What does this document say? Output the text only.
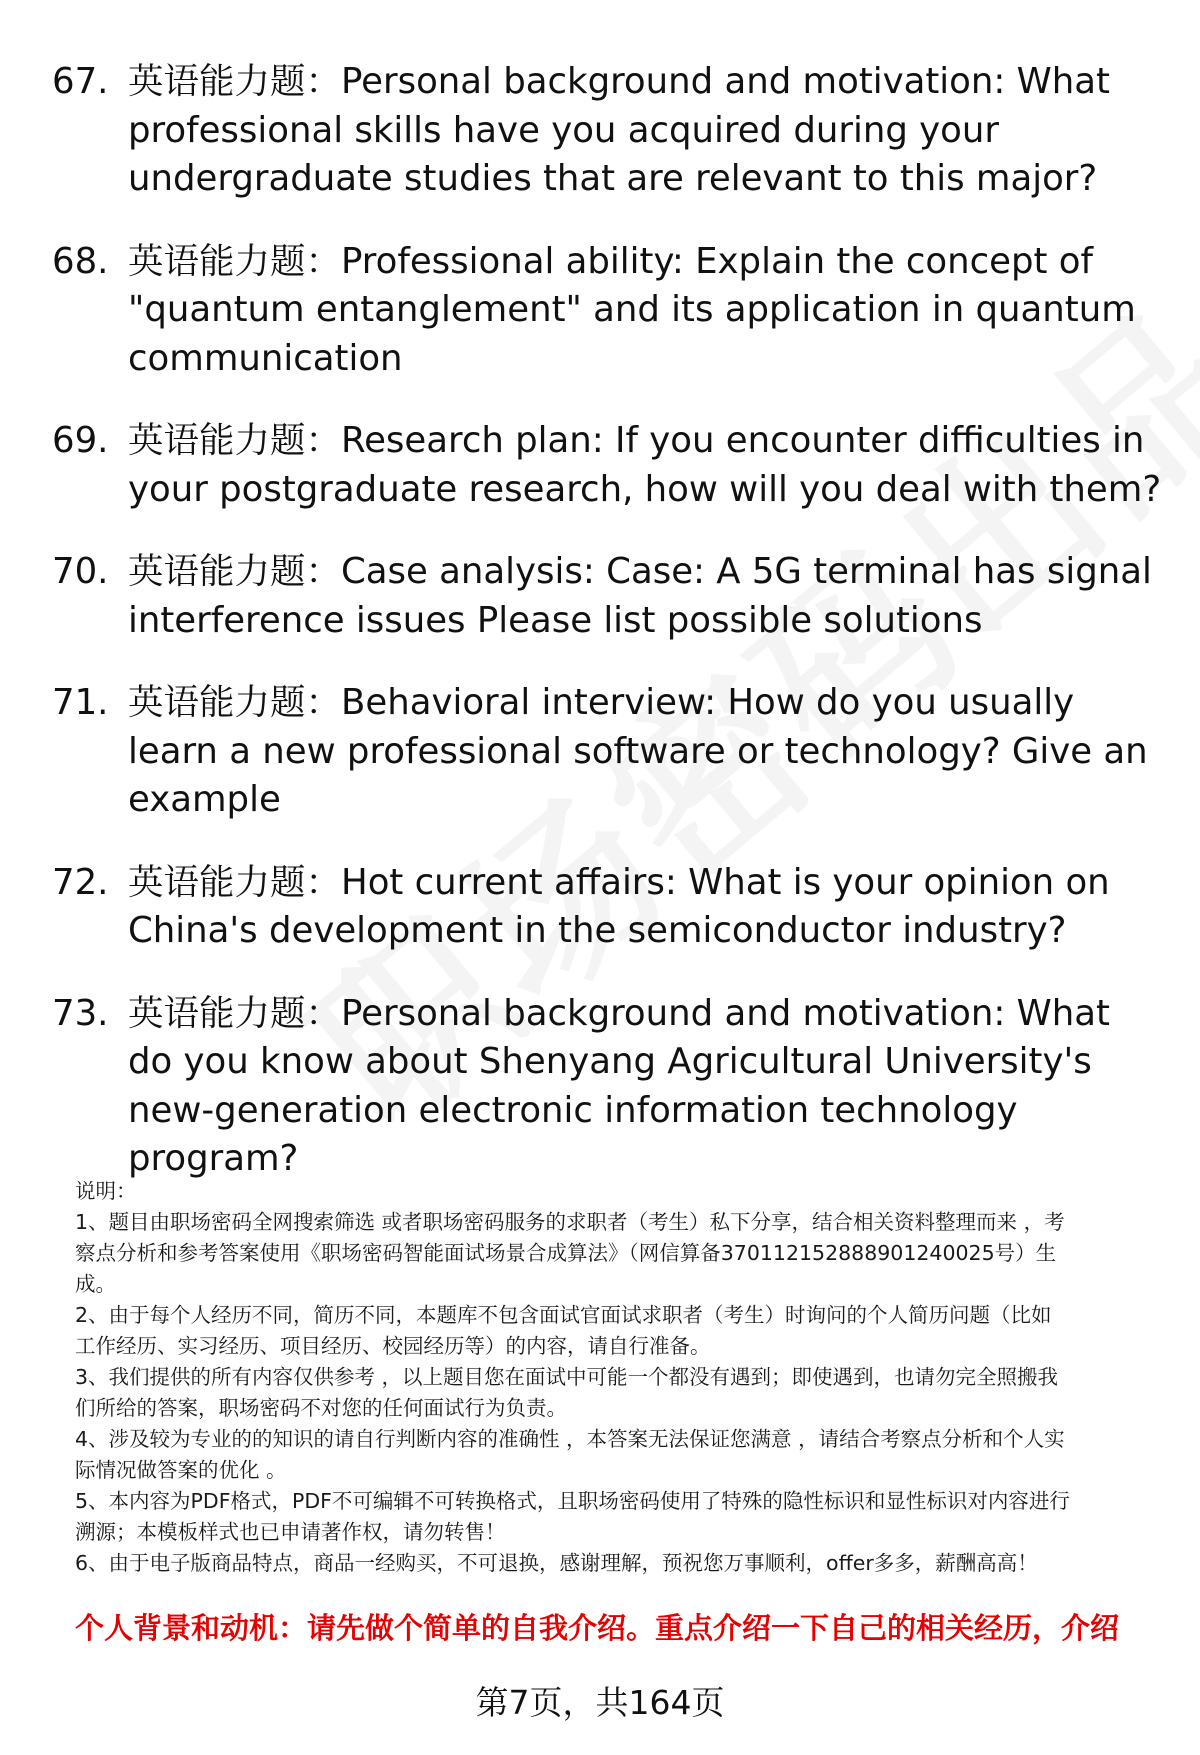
67. 英语能力题：Personal background and motivation: What professional skills have you acquired during your undergraduate studies that are relevant to this major?
68. 英语能力题：Professional ability: Explain the concept of "quantum entanglement" and its application in quantum communication
69. 英语能力题：Research plan: If you encounter difficulties in your postgraduate research, how will you deal with them?
70. 英语能力题：Case analysis: Case: A 5G terminal has signal interference issues Please list possible solutions
71. 英语能力题：Behavioral interview: How do you usually learn a new professional software or technology? Give an example
72. 英语能力题：Hot current affairs: What is your opinion on China's development in the semiconductor industry?
73. 英语能力题：Personal background and motivation: What do you know about Shenyang Agricultural University's new-generation electronic information technology program?
说明：
1、题目由职场密码全网搜索筛选 或者职场密码服务的求职者（考生）私下分享，结合相关资料整理而来 ，考
察点分析和参考答案使用《职场密码智能面试场景合成算法》（网信算备370112152888901240025号）生
成。
2、由于每个人经历不同，简历不同，本题库不包含面试官面试求职者（考生）时询问的个人简历问题（比如
工作经历、实习经历、项目经历、校园经历等）的内容，请自行准备。
3、我们提供的所有内容仅供参考 ，以上题目您在面试中可能一个都没有遇到；即使遇到，也请勿完全照搬我
们所给的答案，职场密码不对您的任何面试行为负责。
4、涉及较为专业的的知识的请自行判断内容的准确性 ，本答案无法保证您满意 ，请结合考察点分析和个人实
际情况做答案的优化 。
5、本内容为PDF格式，PDF不可编辑不可转换格式，且职场密码使用了特殊的隐性标识和显性标识对内容进行
溯源；本模板样式也已申请著作权，请勿转售！
6、由于电子版商品特点，商品一经购买，不可退换，感谢理解，预祝您万事顺利，offer多多，薪酬高高！
个人背景和动机：请先做个简单的自我介绍。重点介绍一下自己的相关经历，介绍
第7页，共164页
